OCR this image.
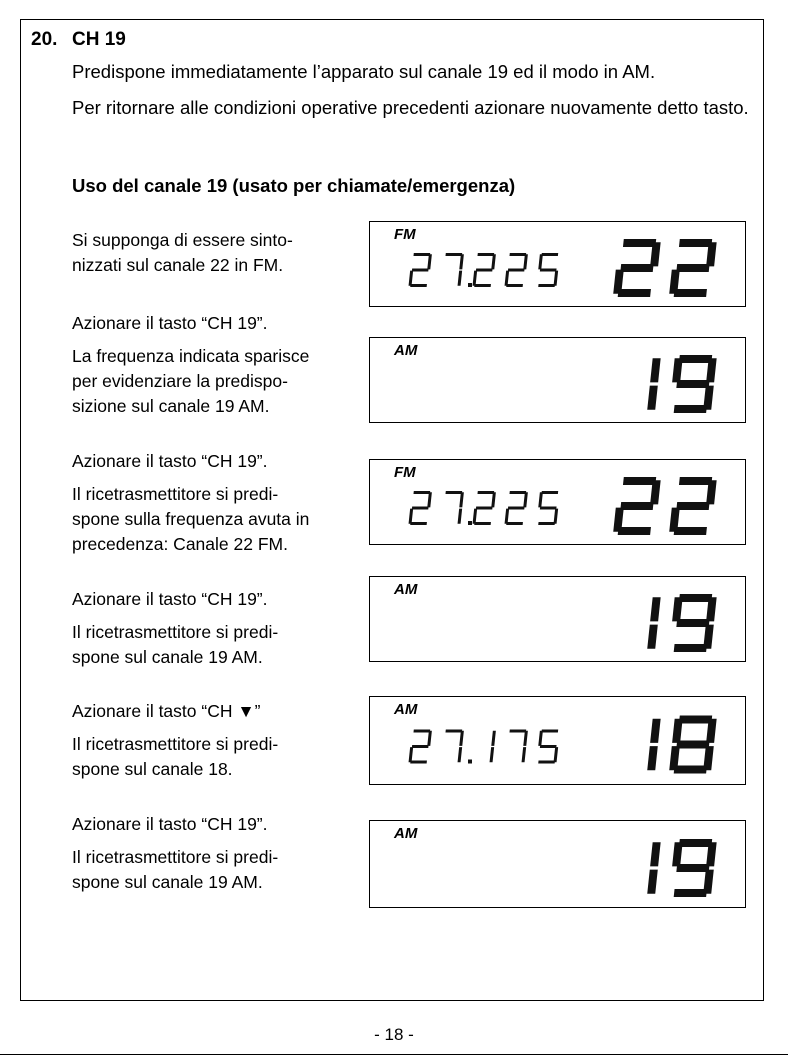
20. CH 19
Predispone immediatamente l’apparato sul canale 19 ed il modo in AM.
Per ritornare alle condizioni operative precedenti azionare nuovamente detto tasto.
Uso del canale 19 (usato per chiamate/emergenza)
Si supponga di essere sinto-
nizzati sul canale 22 in FM.
Azionare il tasto “CH 19”.
La frequenza indicata sparisce
per evidenziare la predispo-
sizione sul canale 19 AM.
Azionare il tasto “CH 19”.
Il ricetrasmettitore si predi-
spone sulla frequenza avuta in
precedenza: Canale 22 FM.
Azionare il tasto “CH 19”.
Il ricetrasmettitore si predi-
spone sul canale 19 AM.
Azionare il tasto “CH ▼”
Il ricetrasmettitore si predi-
spone sul canale 18.
Azionare il tasto “CH 19”.
Il ricetrasmettitore si predi-
spone sul canale 19 AM.
FM
AM
FM
AM
AM
AM
- 18 -
